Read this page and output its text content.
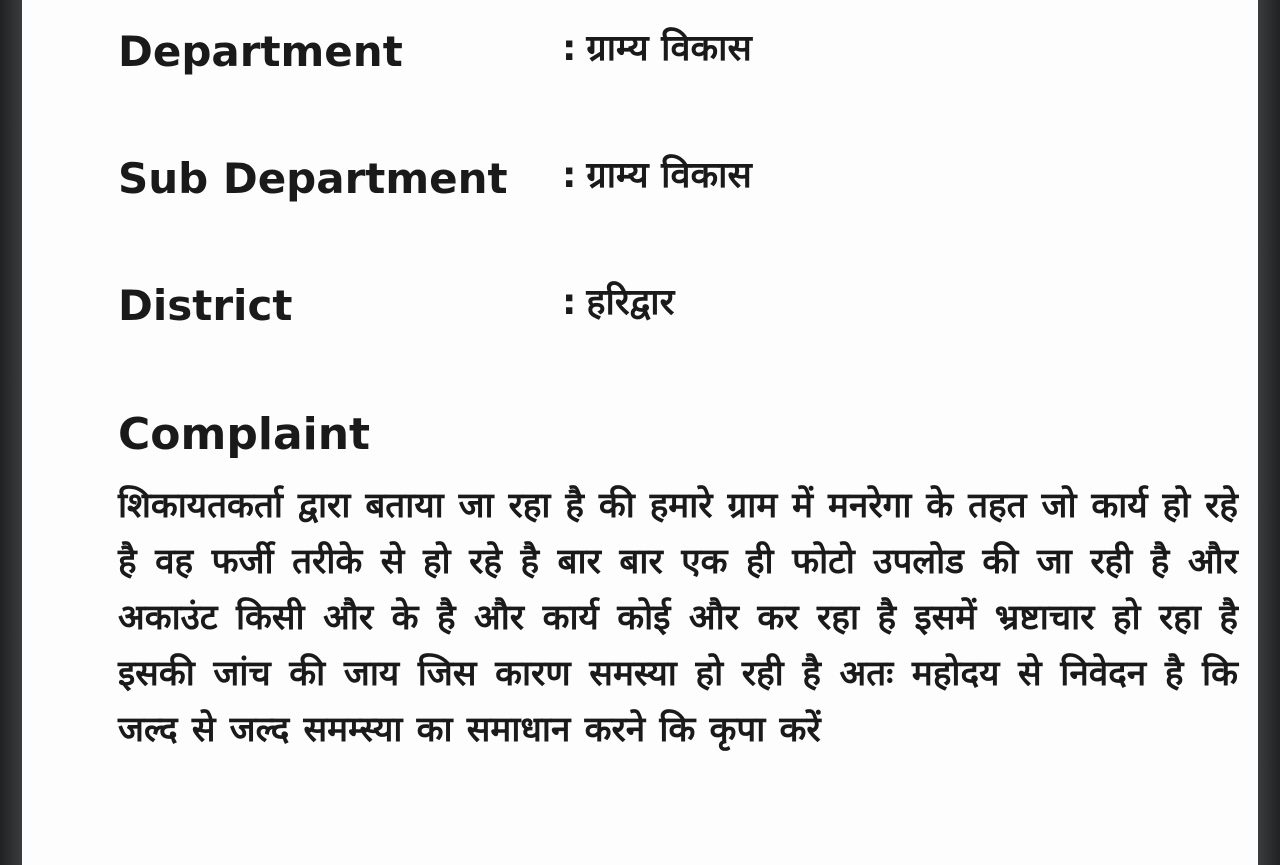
Department	: ग्राम्य विकास
Sub Department : ग्राम्य विकास
District	: हरिद्वार
Complaint
शिकायतकर्ता द्वारा बताया जा रहा है की हमारे ग्राम में मनरेगा के तहत जो कार्य हो रहे है वह फर्जी तरीके से हो रहे है बार बार एक ही फोटो उपलोड की जा रही है और अकाउंट किसी और के है और कार्य कोई और कर रहा है इसमें भ्रष्टाचार हो रहा है इसकी जांच की जाय जिस कारण समस्या हो रही है अतः महोदय से निवेदन है कि जल्द से जल्द समम्स्या का समाधान करने कि कृपा करें
